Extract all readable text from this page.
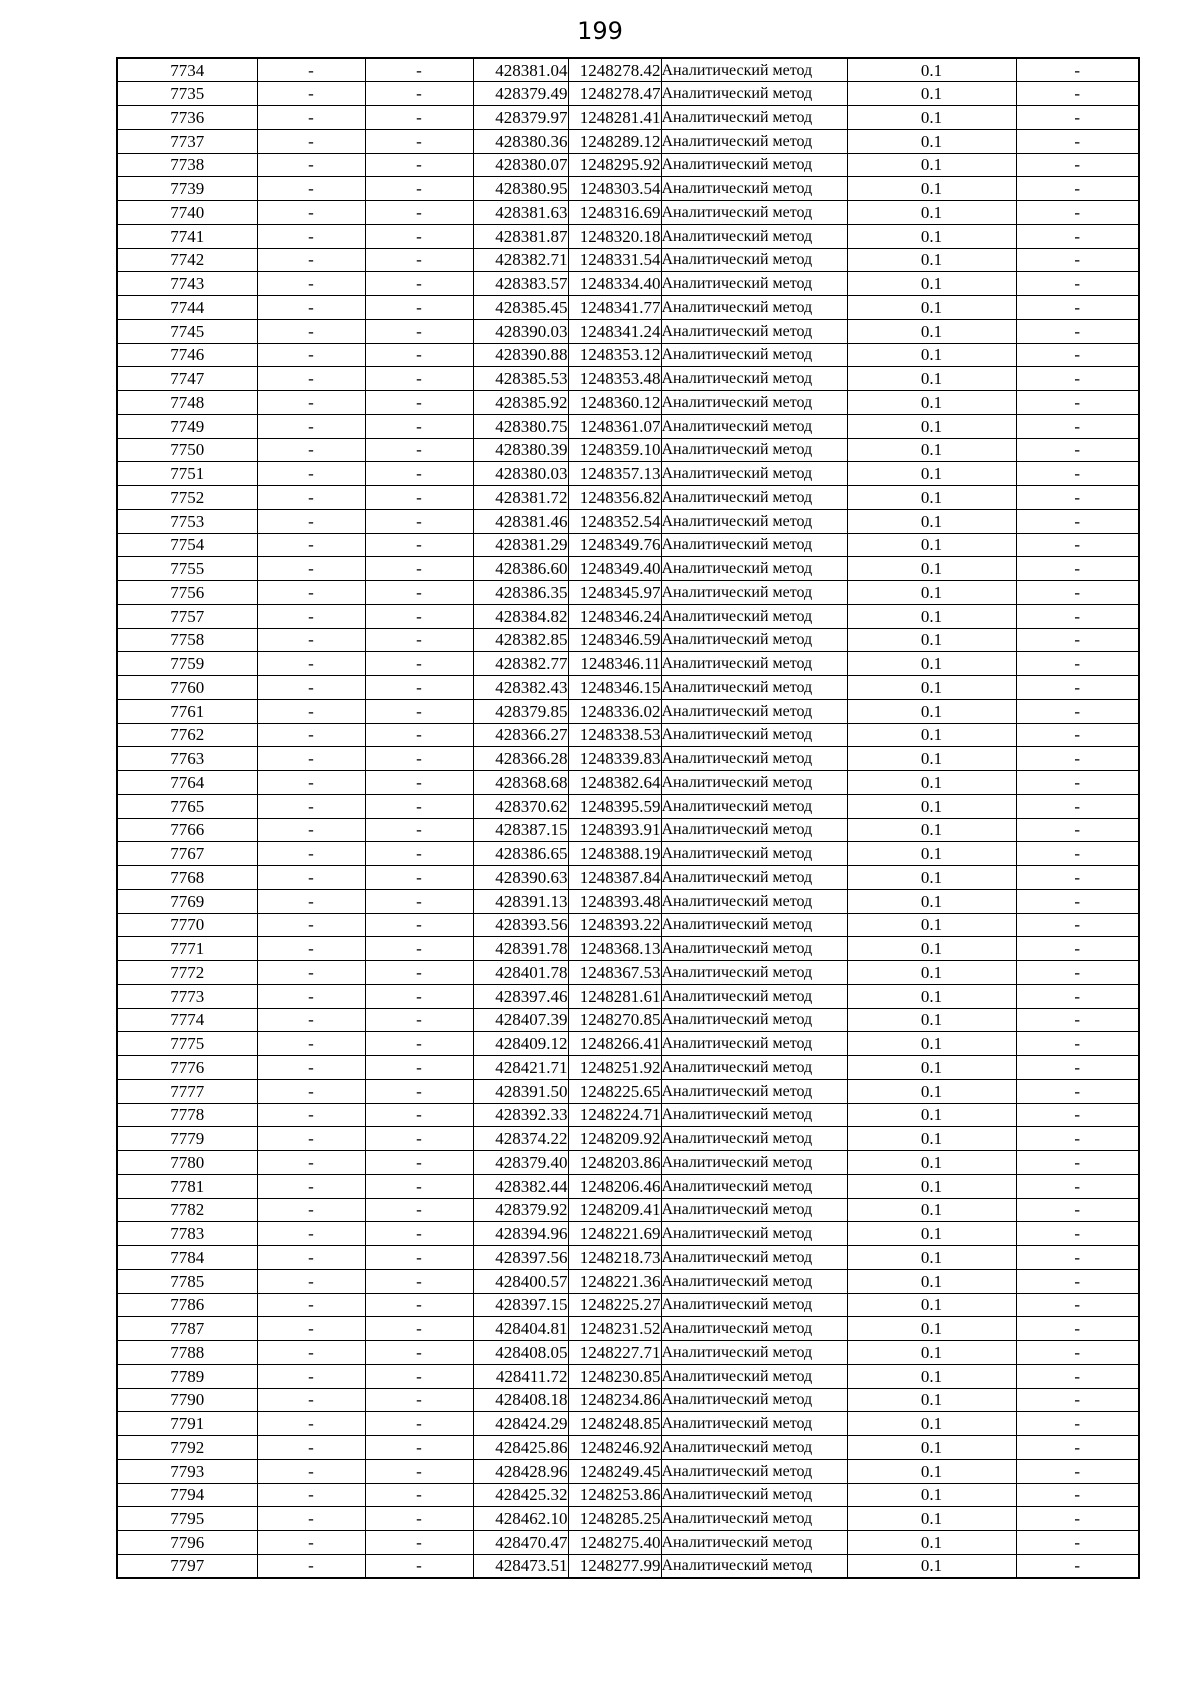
199
7734	-	-	428381.04	1248278.42	Аналитический метод	0.1	-
7735	-	-	428379.49	1248278.47	Аналитический метод	0.1	-
7736	-	-	428379.97	1248281.41	Аналитический метод	0.1	-
7737	-	-	428380.36	1248289.12	Аналитический метод	0.1	-
7738	-	-	428380.07	1248295.92	Аналитический метод	0.1	-
7739	-	-	428380.95	1248303.54	Аналитический метод	0.1	-
7740	-	-	428381.63	1248316.69	Аналитический метод	0.1	-
7741	-	-	428381.87	1248320.18	Аналитический метод	0.1	-
7742	-	-	428382.71	1248331.54	Аналитический метод	0.1	-
7743	-	-	428383.57	1248334.40	Аналитический метод	0.1	-
7744	-	-	428385.45	1248341.77	Аналитический метод	0.1	-
7745	-	-	428390.03	1248341.24	Аналитический метод	0.1	-
7746	-	-	428390.88	1248353.12	Аналитический метод	0.1	-
7747	-	-	428385.53	1248353.48	Аналитический метод	0.1	-
7748	-	-	428385.92	1248360.12	Аналитический метод	0.1	-
7749	-	-	428380.75	1248361.07	Аналитический метод	0.1	-
7750	-	-	428380.39	1248359.10	Аналитический метод	0.1	-
7751	-	-	428380.03	1248357.13	Аналитический метод	0.1	-
7752	-	-	428381.72	1248356.82	Аналитический метод	0.1	-
7753	-	-	428381.46	1248352.54	Аналитический метод	0.1	-
7754	-	-	428381.29	1248349.76	Аналитический метод	0.1	-
7755	-	-	428386.60	1248349.40	Аналитический метод	0.1	-
7756	-	-	428386.35	1248345.97	Аналитический метод	0.1	-
7757	-	-	428384.82	1248346.24	Аналитический метод	0.1	-
7758	-	-	428382.85	1248346.59	Аналитический метод	0.1	-
7759	-	-	428382.77	1248346.11	Аналитический метод	0.1	-
7760	-	-	428382.43	1248346.15	Аналитический метод	0.1	-
7761	-	-	428379.85	1248336.02	Аналитический метод	0.1	-
7762	-	-	428366.27	1248338.53	Аналитический метод	0.1	-
7763	-	-	428366.28	1248339.83	Аналитический метод	0.1	-
7764	-	-	428368.68	1248382.64	Аналитический метод	0.1	-
7765	-	-	428370.62	1248395.59	Аналитический метод	0.1	-
7766	-	-	428387.15	1248393.91	Аналитический метод	0.1	-
7767	-	-	428386.65	1248388.19	Аналитический метод	0.1	-
7768	-	-	428390.63	1248387.84	Аналитический метод	0.1	-
7769	-	-	428391.13	1248393.48	Аналитический метод	0.1	-
7770	-	-	428393.56	1248393.22	Аналитический метод	0.1	-
7771	-	-	428391.78	1248368.13	Аналитический метод	0.1	-
7772	-	-	428401.78	1248367.53	Аналитический метод	0.1	-
7773	-	-	428397.46	1248281.61	Аналитический метод	0.1	-
7774	-	-	428407.39	1248270.85	Аналитический метод	0.1	-
7775	-	-	428409.12	1248266.41	Аналитический метод	0.1	-
7776	-	-	428421.71	1248251.92	Аналитический метод	0.1	-
7777	-	-	428391.50	1248225.65	Аналитический метод	0.1	-
7778	-	-	428392.33	1248224.71	Аналитический метод	0.1	-
7779	-	-	428374.22	1248209.92	Аналитический метод	0.1	-
7780	-	-	428379.40	1248203.86	Аналитический метод	0.1	-
7781	-	-	428382.44	1248206.46	Аналитический метод	0.1	-
7782	-	-	428379.92	1248209.41	Аналитический метод	0.1	-
7783	-	-	428394.96	1248221.69	Аналитический метод	0.1	-
7784	-	-	428397.56	1248218.73	Аналитический метод	0.1	-
7785	-	-	428400.57	1248221.36	Аналитический метод	0.1	-
7786	-	-	428397.15	1248225.27	Аналитический метод	0.1	-
7787	-	-	428404.81	1248231.52	Аналитический метод	0.1	-
7788	-	-	428408.05	1248227.71	Аналитический метод	0.1	-
7789	-	-	428411.72	1248230.85	Аналитический метод	0.1	-
7790	-	-	428408.18	1248234.86	Аналитический метод	0.1	-
7791	-	-	428424.29	1248248.85	Аналитический метод	0.1	-
7792	-	-	428425.86	1248246.92	Аналитический метод	0.1	-
7793	-	-	428428.96	1248249.45	Аналитический метод	0.1	-
7794	-	-	428425.32	1248253.86	Аналитический метод	0.1	-
7795	-	-	428462.10	1248285.25	Аналитический метод	0.1	-
7796	-	-	428470.47	1248275.40	Аналитический метод	0.1	-
7797	-	-	428473.51	1248277.99	Аналитический метод	0.1	-
